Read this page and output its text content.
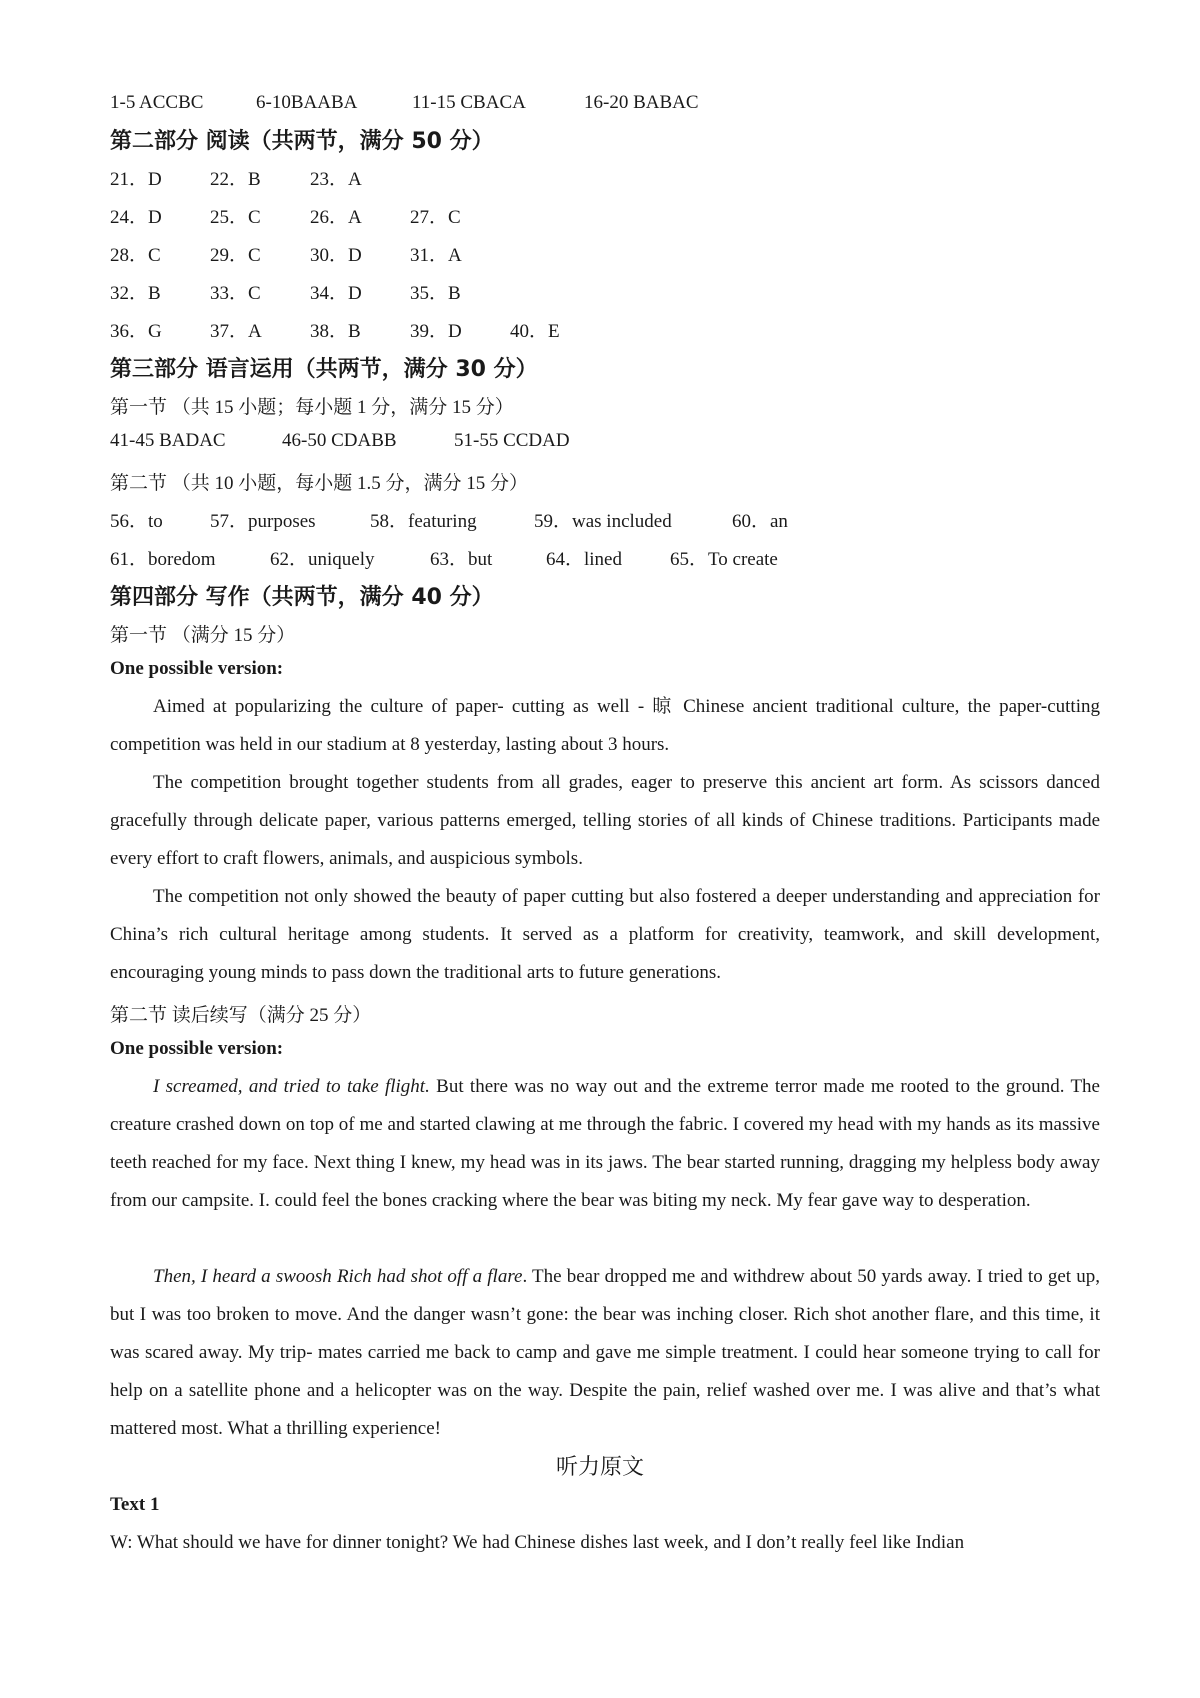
1-5 ACCBC	6-10BAABA	11-15 CBACA	16-20 BABAC
第二部分 阅读（共两节，满分 50 分）
21．D	22．B	23．A
24．D	25．C	26．A	27．C
28．C	29．C	30．D	31．A
32．B	33．C	34．D	35．B
36．G	37．A	38．B	39．D	40．E
第三部分 语言运用（共两节，满分 30 分）
第一节 （共 15 小题；每小题 1 分，满分 15 分）
41-45 BADAC	46-50 CDABB	51-55 CCDAD
第二节 （共 10 小题，每小题 1.5 分，满分 15 分）
56．to 57．purposes	58．featuring	59．was included	60．an
61．boredom	62．uniquely	63．but	64．lined	65．To create
第四部分 写作（共两节，满分 40 分）
第一节 （满分 15 分）
One possible version:
Aimed at popularizing the culture of paper- cutting as well - 晾 Chinese ancient traditional culture, the paper-cutting competition was held in our stadium at 8 yesterday, lasting about 3 hours.
The competition brought together students from all grades, eager to preserve this ancient art form. As scissors danced gracefully through delicate paper, various patterns emerged, telling stories of all kinds of Chinese traditions. Participants made every effort to craft flowers, animals, and auspicious symbols.
The competition not only showed the beauty of paper cutting but also fostered a deeper understanding and appreciation for China’s rich cultural heritage among students. It served as a platform for creativity, teamwork, and skill development, encouraging young minds to pass down the traditional arts to future generations.
第二节 读后续写（满分 25 分）
One possible version:
I screamed, and tried to take flight. But there was no way out and the extreme terror made me rooted to the ground. The creature crashed down on top of me and started clawing at me through the fabric. I covered my head with my hands as its massive teeth reached for my face. Next thing I knew, my head was in its jaws. The bear started running, dragging my helpless body away from our campsite. I. could feel the bones cracking where the bear was biting my neck. My fear gave way to desperation.
Then, I heard a swoosh Rich had shot off a flare. The bear dropped me and withdrew about 50 yards away. I tried to get up, but I was too broken to move. And the danger wasn’t gone: the bear was inching closer. Rich shot another flare, and this time, it was scared away. My trip- mates carried me back to camp and gave me simple treatment. I could hear someone trying to call for help on a satellite phone and a helicopter was on the way. Despite the pain, relief washed over me. I was alive and that’s what mattered most. What a thrilling experience!
听力原文
Text 1
W: What should we have for dinner tonight? We had Chinese dishes last week, and I don’t really feel like Indian
